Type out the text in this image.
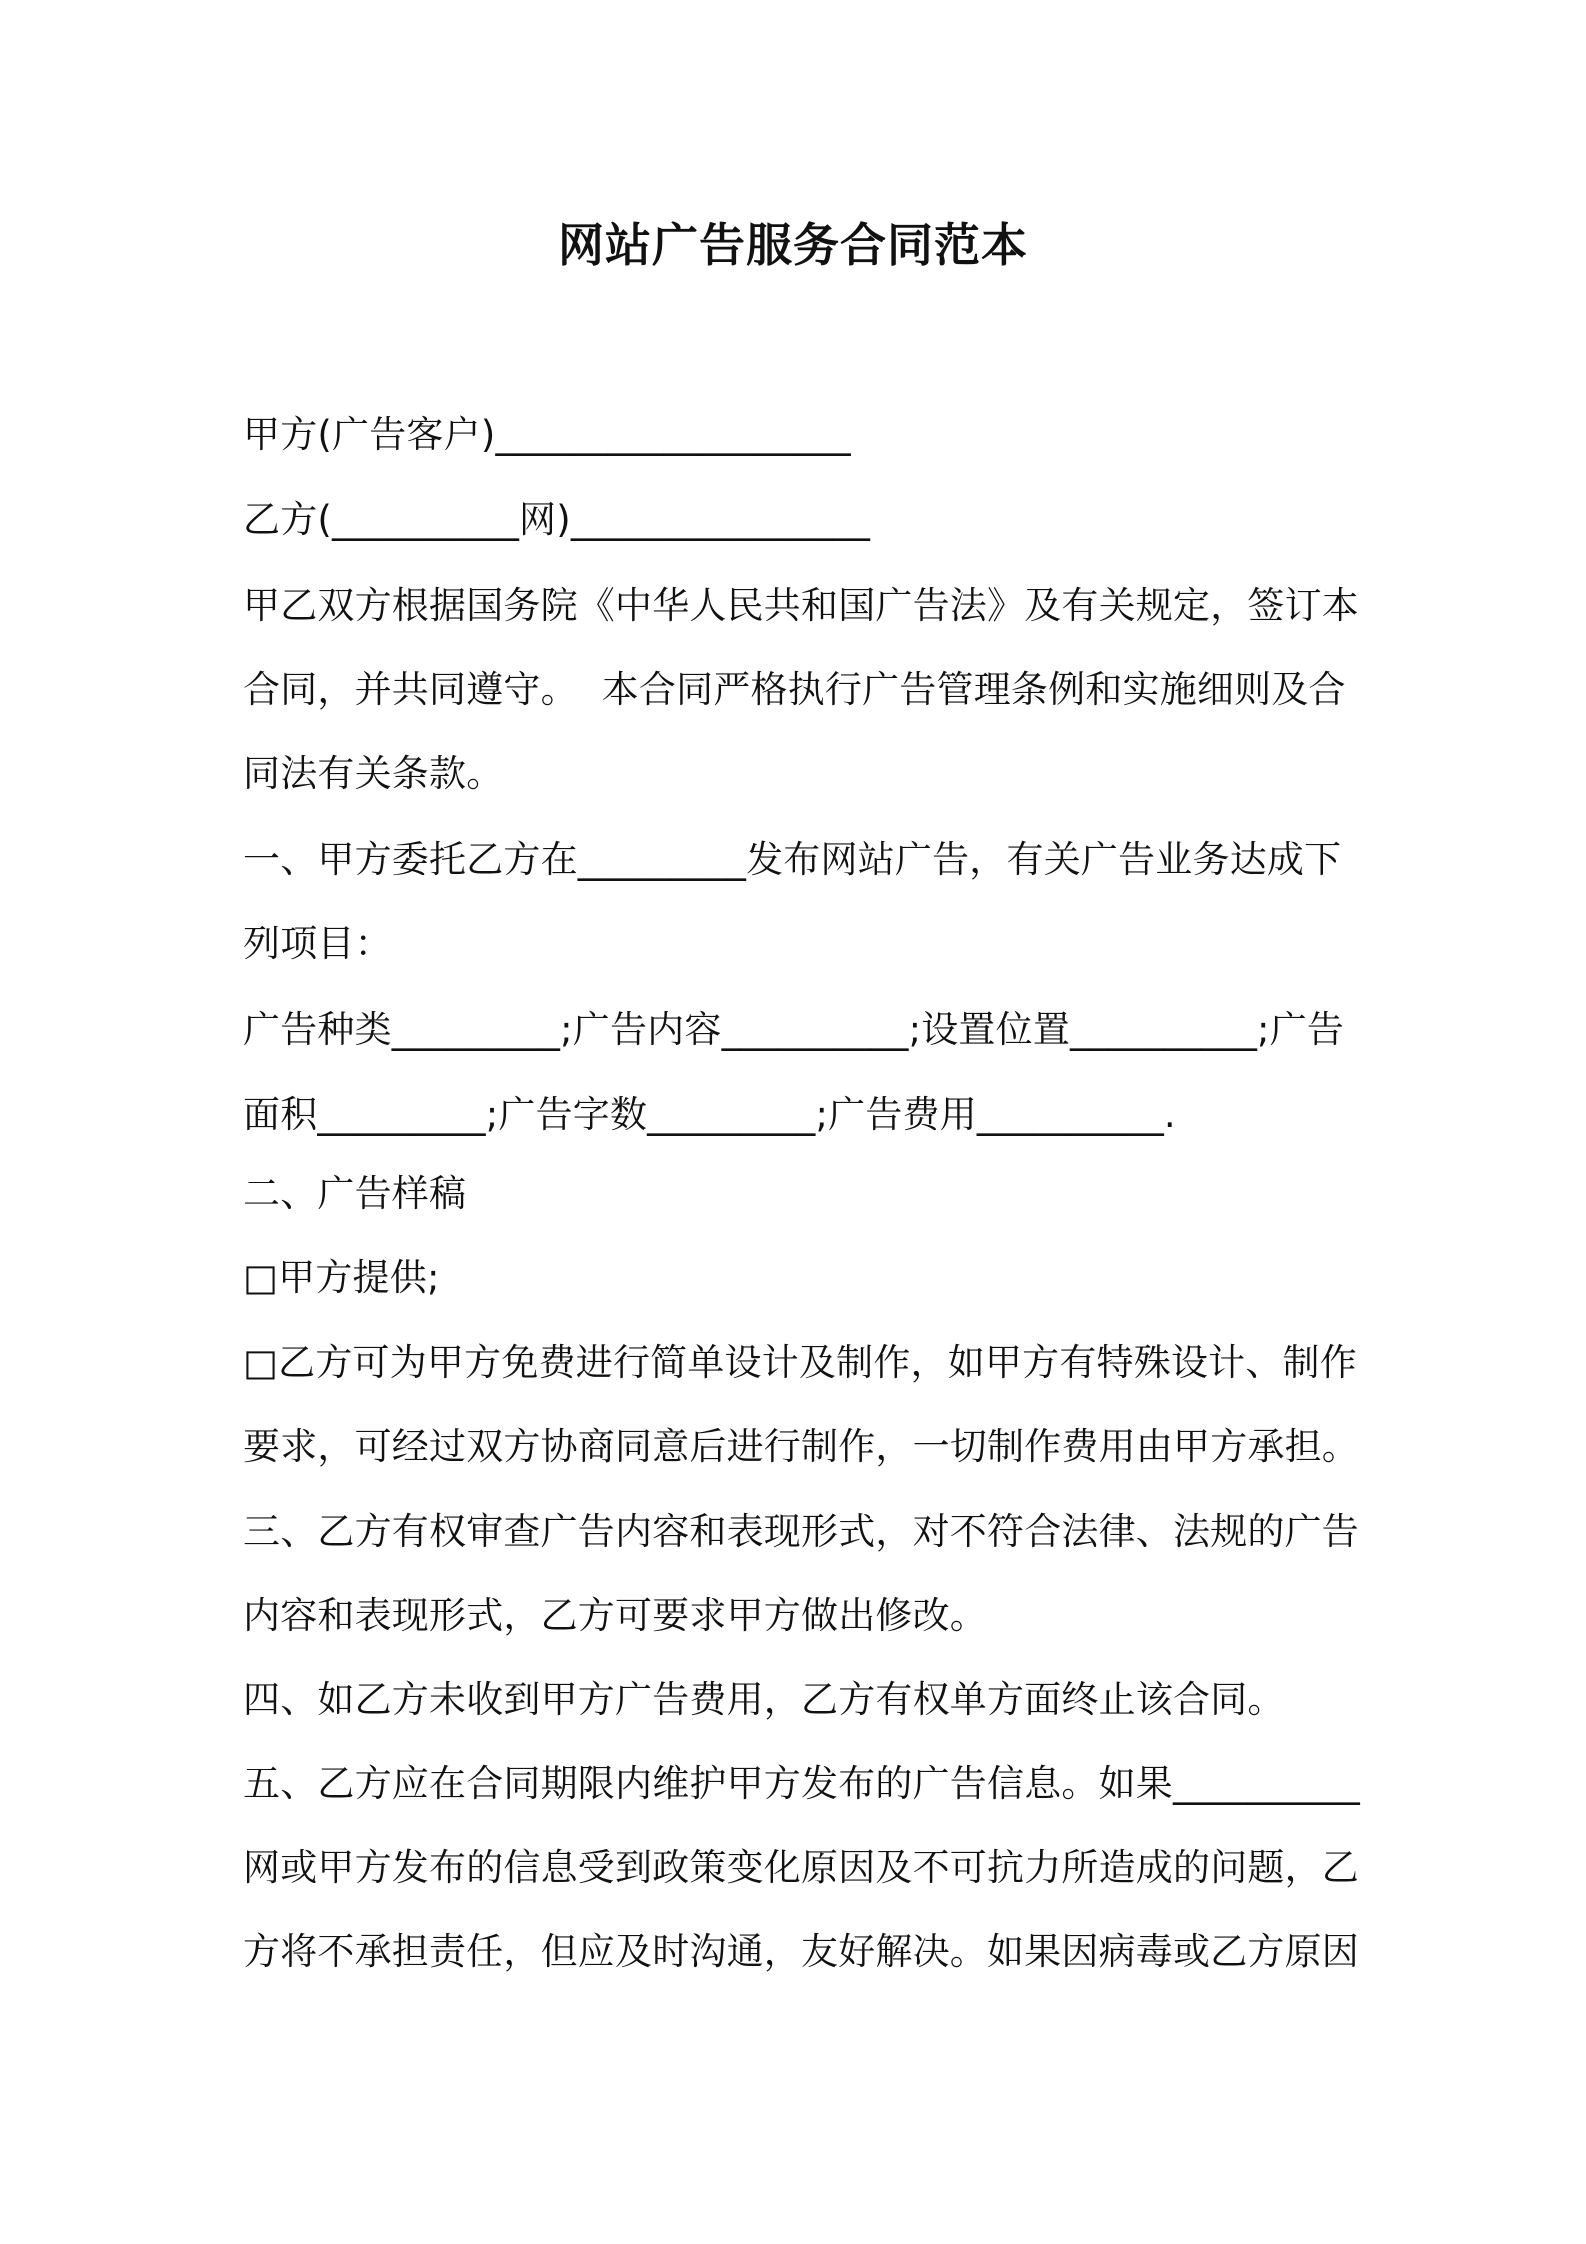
网站广告服务合同范本
甲方(广告客户)___________________
乙方(__________网)________________
甲乙双方根据国务院《中华人民共和国广告法》及有关规定，签订本
合同，并共同遵守。  本合同严格执行广告管理条例和实施细则及合
同法有关条款。
一、甲方委托乙方在_________发布网站广告，有关广告业务达成下
列项目：
广告种类_________;广告内容__________;设置位置__________;广告
面积_________;广告字数_________;广告费用__________.
二、广告样稿
□甲方提供;
□乙方可为甲方免费进行简单设计及制作，如甲方有特殊设计、制作
要求，可经过双方协商同意后进行制作，一切制作费用由甲方承担。
三、乙方有权审查广告内容和表现形式，对不符合法律、法规的广告
内容和表现形式，乙方可要求甲方做出修改。
四、如乙方未收到甲方广告费用，乙方有权单方面终止该合同。
五、乙方应在合同期限内维护甲方发布的广告信息。如果__________
网或甲方发布的信息受到政策变化原因及不可抗力所造成的问题，乙
方将不承担责任，但应及时沟通，友好解决。如果因病毒或乙方原因
